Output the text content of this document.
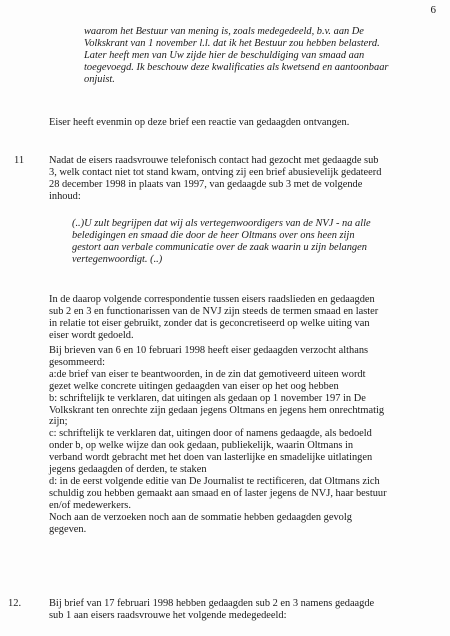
6
waarom het Bestuur van mening is, zoals medegedeeld, b.v. aan De
Volkskrant van 1 november l.l. dat ik het Bestuur zou hebben belasterd.
Later heeft men van Uw zijde hier de beschuldiging van smaad aan
toegevoegd. Ik beschouw deze kwalificaties als kwetsend en aantoonbaar
onjuist.

Eiser heeft evenmin op deze brief een reactie van gedaagden ontvangen.

11 Nadat de eisers raadsvrouwe telefonisch contact had gezocht met gedaagde sub
3, welk contact niet tot stand kwam, ontving zij een brief abusievelijk gedateerd
28 december 1998 in plaats van 1997, van gedaagde sub 3 met de volgende
inhoud:
(..)U zult begrijpen dat wij als vertegenwoordigers van de NVJ - na alle
beledigingen en smaad die door de heer Oltmans over ons heen zijn
gestort aan verbale communicatie over de zaak waarin u zijn belangen
vertegenwoordigt. (..)
In de daarop volgende correspondentie tussen eisers raadslieden en gedaagden
sub 2 en 3 en functionarissen van de NVJ zijn steeds de termen smaad en laster
in relatie tot eiser gebruikt, zonder dat is geconcretiseerd op welke uiting van
eiser wordt gedoeld.
Bij brieven van 6 en 10 februari 1998 heeft eiser gedaagden verzocht althans
gesommeerd:
a:de brief van eiser te beantwoorden, in de zin dat gemotiveerd uiteen wordt
gezet welke concrete uitingen gedaagden van eiser op het oog hebben
b: schriftelijk te verklaren, dat uitingen als gedaan op 1 november 197 in De
Volkskrant ten onrechte zijn gedaan jegens Oltmans en jegens hem onrechtmatig
zijn;
c: schriftelijk te verklaren dat, uitingen door of namens gedaagde, als bedoeld
onder b, op welke wijze dan ook gedaan, publiekelijk, waarin Oltmans in
verband wordt gebracht met het doen van lasterlijke en smadelijke uitlatingen
jegens gedaagden of derden, te staken
d: in de eerst volgende editie van De Journalist te rectificeren, dat Oltmans zich
schuldig zou hebben gemaakt aan smaad en of laster jegens de NVJ, haar bestuur
en/of medewerkers.
Noch aan de verzoeken noch aan de sommatie hebben gedaagden gevolg
gegeven.
12.	Bij brief van 17 februari 1998 hebben gedaagden sub 2 en 3 namens gedaagde
sub 1 aan eisers raadsvrouwe het volgende medegedeeld:
